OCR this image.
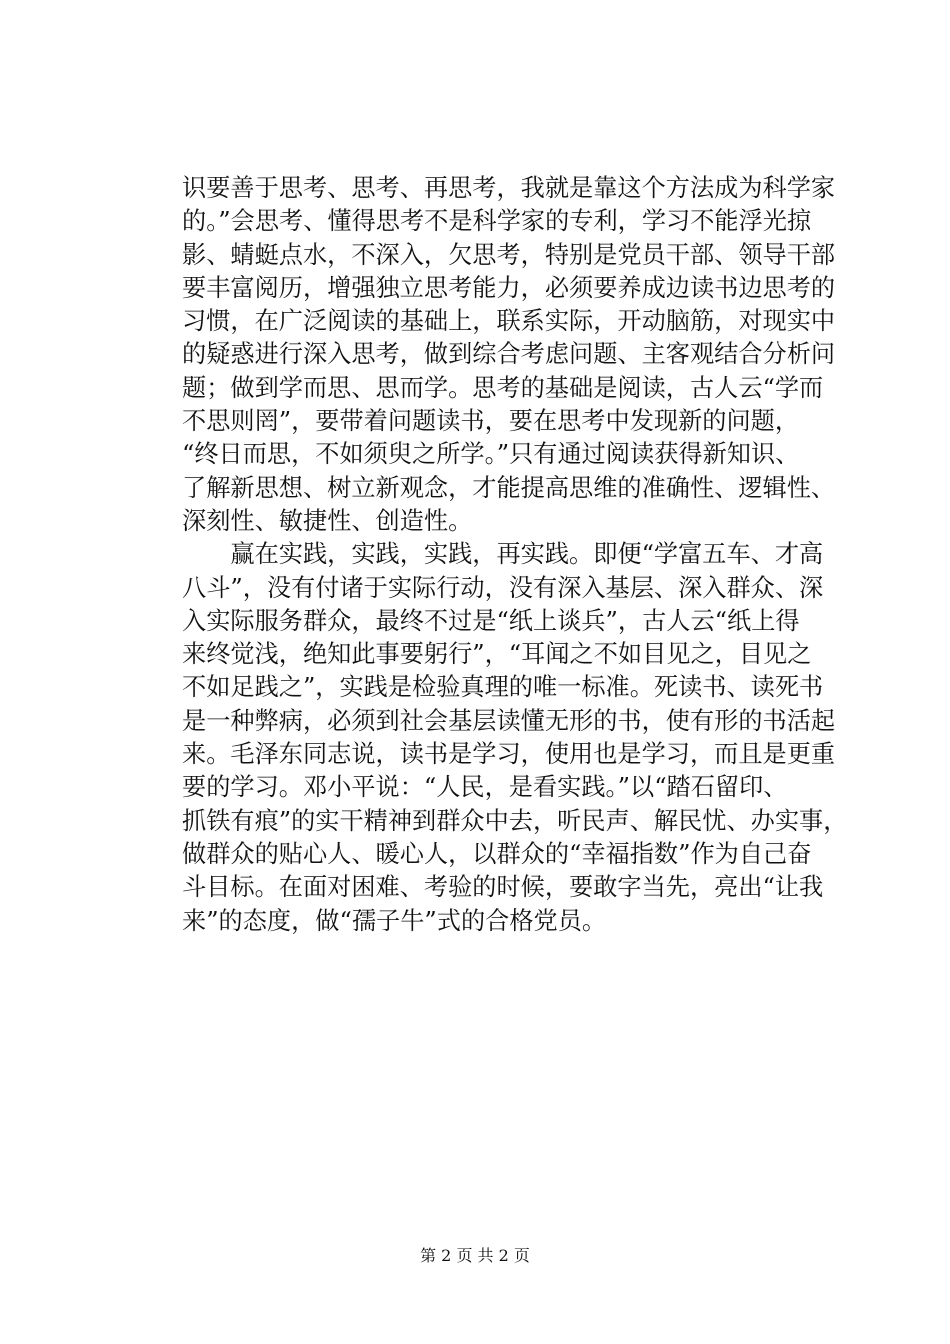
识要善于思考、思考、再思考，我就是靠这个方法成为科学家
的。”会思考、懂得思考不是科学家的专利，学习不能浮光掠
影、蜻蜓点水，不深入，欠思考，特别是党员干部、领导干部
要丰富阅历，增强独立思考能力，必须要养成边读书边思考的
习惯，在广泛阅读的基础上，联系实际，开动脑筋，对现实中
的疑惑进行深入思考，做到综合考虑问题、主客观结合分析问
题；做到学而思、思而学。思考的基础是阅读，古人云“学而
不思则罔”，要带着问题读书，要在思考中发现新的问题，
“终日而思，不如须臾之所学。”只有通过阅读获得新知识、
了解新思想、树立新观念，才能提高思维的准确性、逻辑性、
深刻性、敏捷性、创造性。
　　赢在实践，实践，实践，再实践。即便“学富五车、才高
八斗”，没有付诸于实际行动，没有深入基层、深入群众、深
入实际服务群众，最终不过是“纸上谈兵”，古人云“纸上得
来终觉浅，绝知此事要躬行”，“耳闻之不如目见之，目见之
不如足践之”，实践是检验真理的唯一标准。死读书、读死书
是一种弊病，必须到社会基层读懂无形的书，使有形的书活起
来。毛泽东同志说，读书是学习，使用也是学习，而且是更重
要的学习。邓小平说：“人民，是看实践。”以“踏石留印、
抓铁有痕”的实干精神到群众中去，听民声、解民忧、办实事，
做群众的贴心人、暖心人，以群众的“幸福指数”作为自己奋
斗目标。在面对困难、考验的时候，要敢字当先，亮出“让我
来”的态度，做“孺子牛”式的合格党员。
第 2 页 共 2 页
